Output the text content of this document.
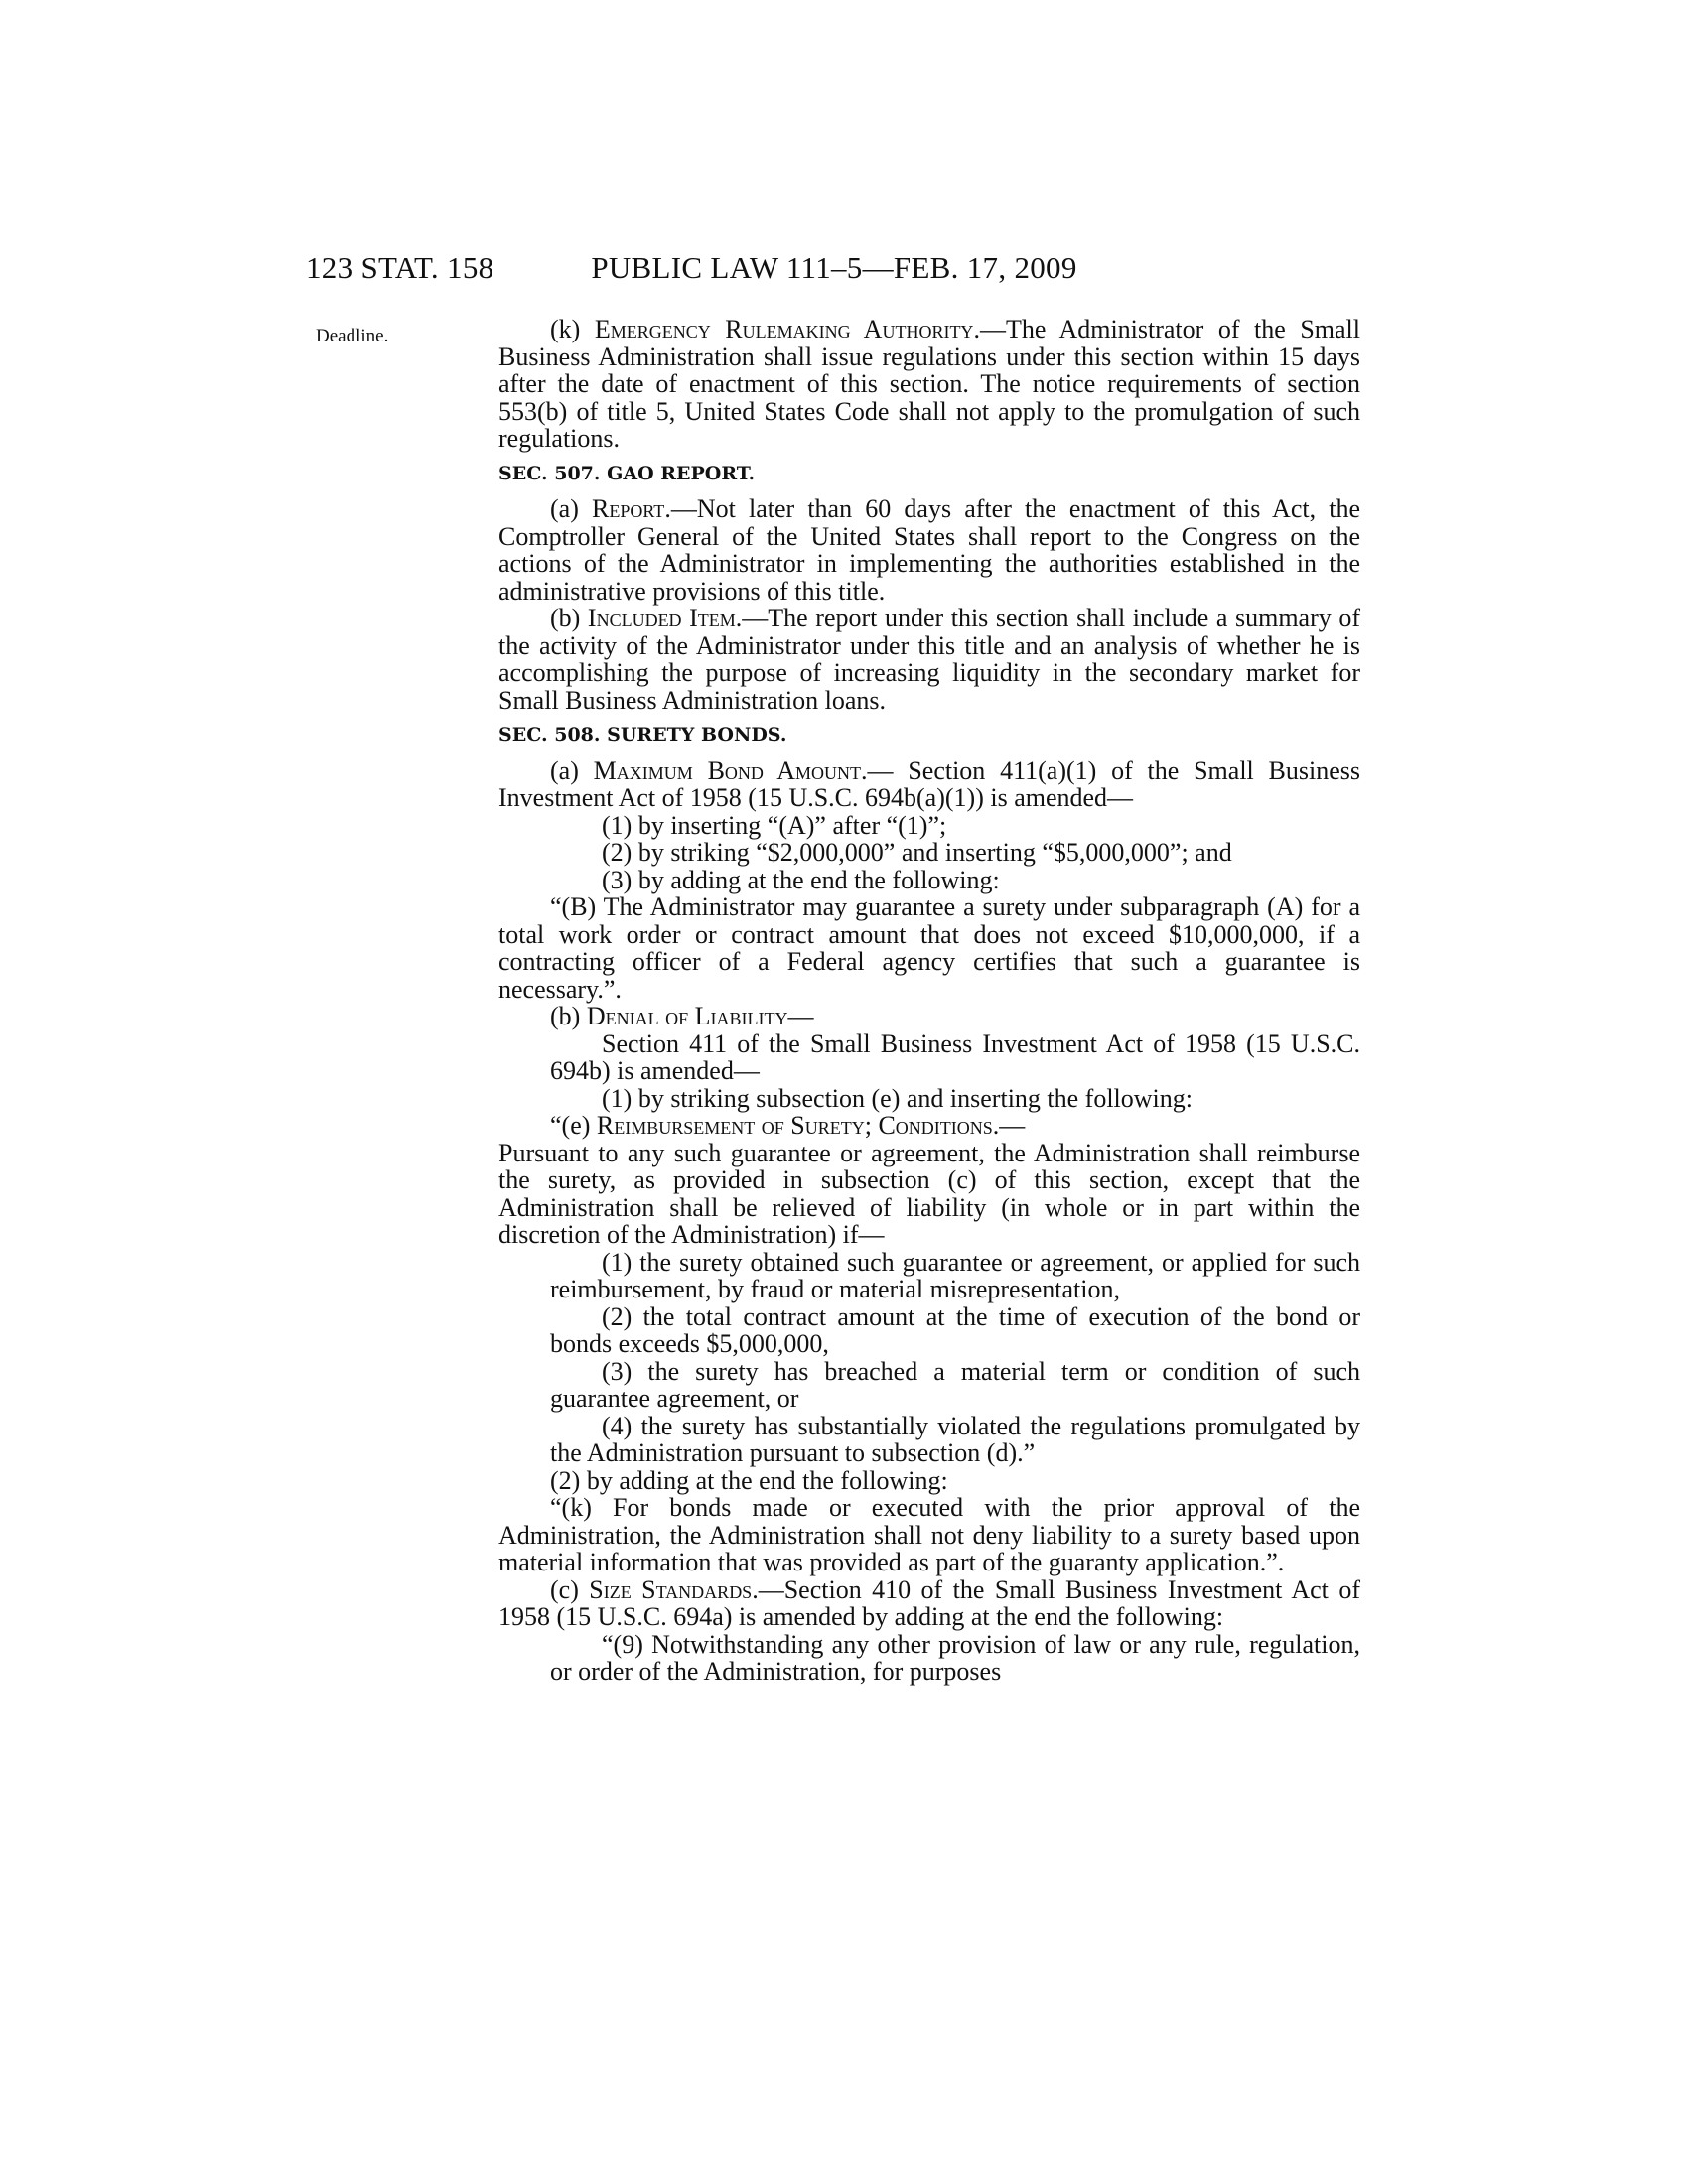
123 STAT. 158	PUBLIC LAW 111–5—FEB. 17, 2009
Deadline.	(k) Emergency Rulemaking Authority.—The Administrator of the Small Business Administration shall issue regulations under this section within 15 days after the date of enactment of this section. The notice requirements of section 553(b) of title 5, United States Code shall not apply to the promulgation of such regulations.

SEC. 507. GAO REPORT.

(a) Report.—Not later than 60 days after the enactment of this Act, the Comptroller General of the United States shall report to the Congress on the actions of the Administrator in implementing the authorities established in the administrative provisions of this title.

(b) Included Item.—The report under this section shall include a summary of the activity of the Administrator under this title and an analysis of whether he is accomplishing the purpose of increasing liquidity in the secondary market for Small Business Administration loans.

SEC. 508. SURETY BONDS.

(a) Maximum Bond Amount.— Section 411(a)(1) of the Small Business Investment Act of 1958 (15 U.S.C. 694b(a)(1)) is amended—

(1) by inserting “(A)” after “(1)”;

(2) by striking “$2,000,000” and inserting “$5,000,000”; and

(3) by adding at the end the following:

“(B) The Administrator may guarantee a surety under subparagraph (A) for a total work order or contract amount that does not exceed $10,000,000, if a contracting officer of a Federal agency certifies that such a guarantee is necessary.”.

(b) Denial of Liability—

Section 411 of the Small Business Investment Act of 1958 (15 U.S.C. 694b) is amended—

(1) by striking subsection (e) and inserting the following:

“(e) Reimbursement of Surety; Conditions.—

Pursuant to any such guarantee or agreement, the Administration shall reimburse the surety, as provided in subsection (c) of this section, except that the Administration shall be relieved of liability (in whole or in part within the discretion of the Administration) if—

(1) the surety obtained such guarantee or agreement, or applied for such reimbursement, by fraud or material misrepresentation,

(2) the total contract amount at the time of execution of the bond or bonds exceeds $5,000,000,

(3) the surety has breached a material term or condition of such guarantee agreement, or

(4) the surety has substantially violated the regulations promulgated by the Administration pursuant to subsection (d).”

(2) by adding at the end the following:

“(k) For bonds made or executed with the prior approval of the Administration, the Administration shall not deny liability to a surety based upon material information that was provided as part of the guaranty application.”.

(c) Size Standards.—Section 410 of the Small Business Investment Act of 1958 (15 U.S.C. 694a) is amended by adding at the end the following:

“(9) Notwithstanding any other provision of law or any rule, regulation, or order of the Administration, for purposes
